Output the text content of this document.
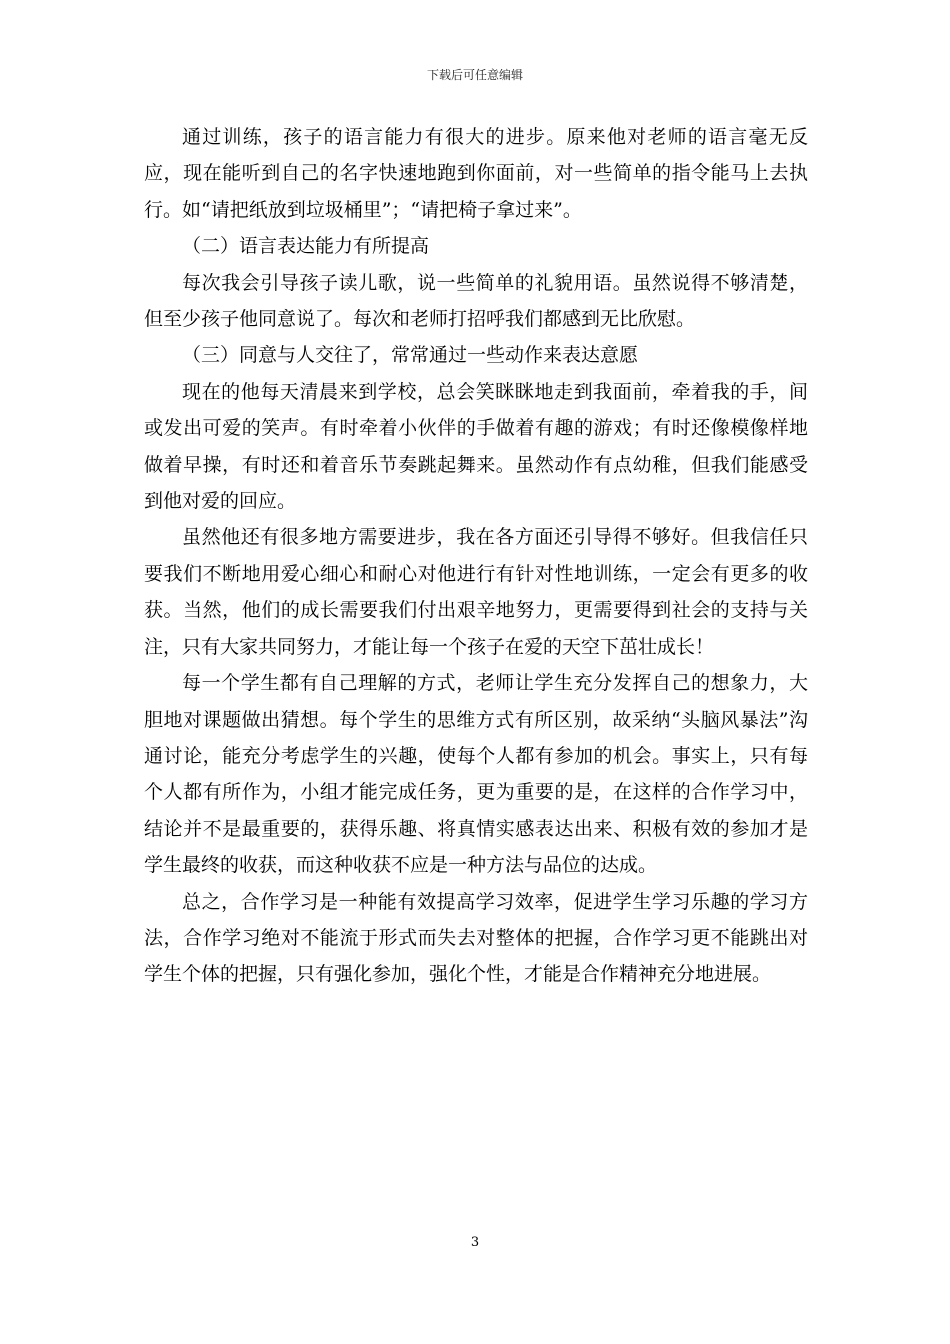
下载后可任意编辑

通过训练，孩子的语言能力有很大的进步。原来他对老师的语言毫无反应，现在能听到自己的名字快速地跑到你面前，对一些简单的指令能马上去执行。如“请把纸放到垃圾桶里”；“请把椅子拿过来”。

（二）语言表达能力有所提高

每次我会引导孩子读儿歌，说一些简单的礼貌用语。虽然说得不够清楚，但至少孩子他同意说了。每次和老师打招呼我们都感到无比欣慰。

（三）同意与人交往了，常常通过一些动作来表达意愿

现在的他每天清晨来到学校，总会笑眯眯地走到我面前，牵着我的手，间或发出可爱的笑声。有时牵着小伙伴的手做着有趣的游戏；有时还像模像样地做着早操，有时还和着音乐节奏跳起舞来。虽然动作有点幼稚，但我们能感受到他对爱的回应。

虽然他还有很多地方需要进步，我在各方面还引导得不够好。但我信任只要我们不断地用爱心细心和耐心对他进行有针对性地训练，一定会有更多的收获。当然，他们的成长需要我们付出艰辛地努力，更需要得到社会的支持与关注，只有大家共同努力，才能让每一个孩子在爱的天空下茁壮成长！

每一个学生都有自己理解的方式，老师让学生充分发挥自己的想象力，大胆地对课题做出猜想。每个学生的思维方式有所区别，故采纳“头脑风暴法”沟通讨论，能充分考虑学生的兴趣，使每个人都有参加的机会。事实上，只有每个人都有所作为，小组才能完成任务，更为重要的是，在这样的合作学习中，结论并不是最重要的，获得乐趣、将真情实感表达出来、积极有效的参加才是学生最终的收获，而这种收获不应是一种方法与品位的达成。

总之，合作学习是一种能有效提高学习效率，促进学生学习乐趣的学习方法，合作学习绝对不能流于形式而失去对整体的把握，合作学习更不能跳出对学生个体的把握，只有强化参加，强化个性，才能是合作精神充分地进展。

3
